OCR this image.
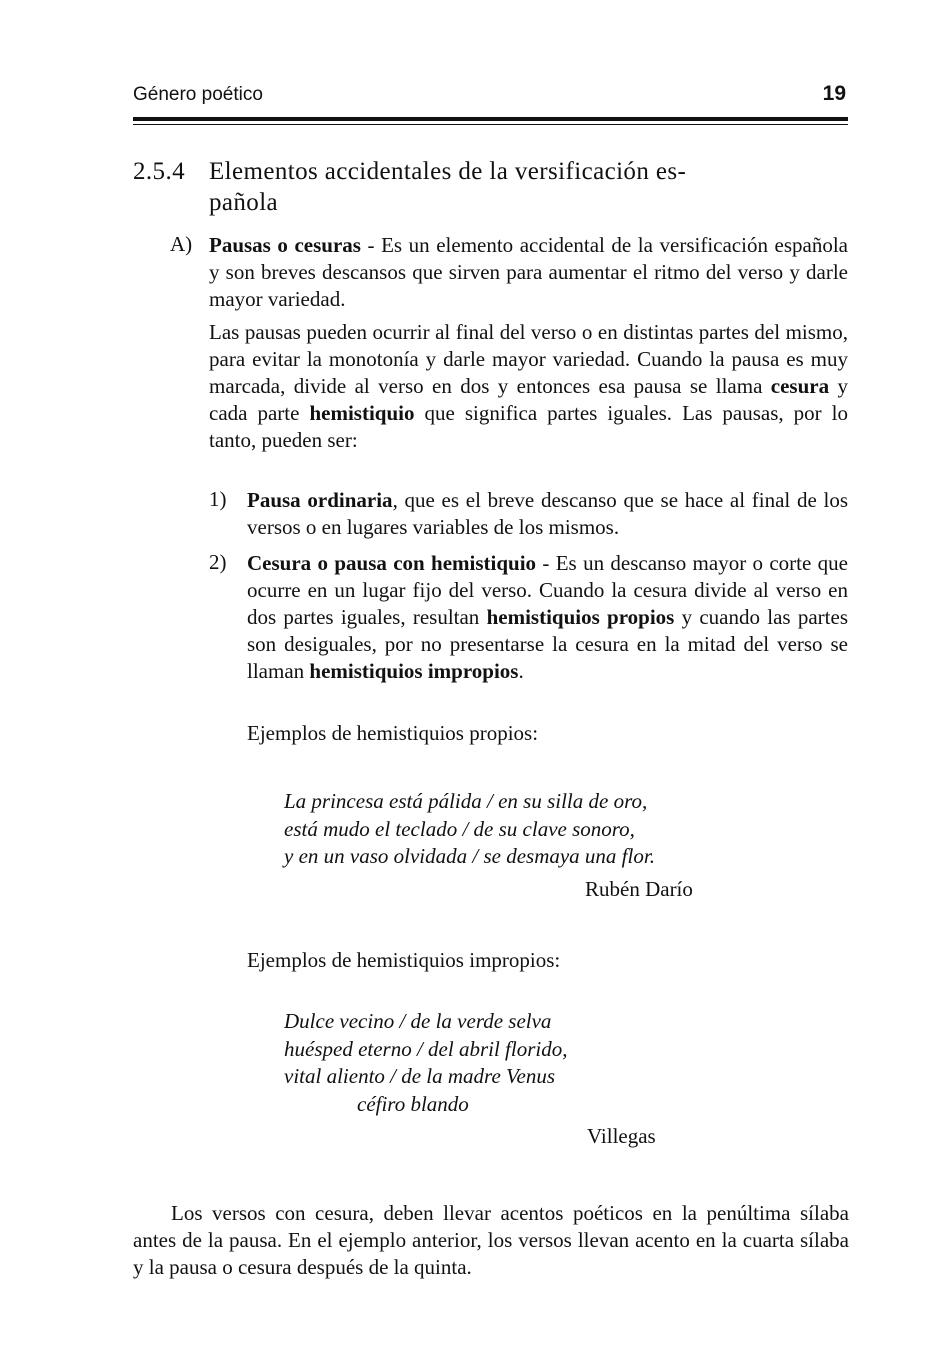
Género poético	19
2.5.4 Elementos accidentales de la versificación es-
pañola
A) Pausas o cesuras - Es un elemento accidental de la versificación española y son breves descansos que sirven para aumentar el ritmo del verso y darle mayor variedad.
Las pausas pueden ocurrir al final del verso o en distintas partes del mismo, para evitar la monotonía y darle mayor variedad. Cuando la pausa es muy marcada, divide al verso en dos y entonces esa pausa se llama cesura y cada parte hemistiquio que significa partes iguales. Las pausas, por lo tanto, pueden ser:
1) Pausa ordinaria, que es el breve descanso que se hace al final de los versos o en lugares variables de los mismos.
2) Cesura o pausa con hemistiquio - Es un descanso mayor o corte que ocurre en un lugar fijo del verso. Cuando la cesura divide al verso en dos partes iguales, resultan hemistiquios propios y cuando las partes son desiguales, por no presentarse la cesura en la mitad del verso se llaman hemistiquios impropios.
Ejemplos de hemistiquios propios:
La princesa está pálida / en su silla de oro,
está mudo el teclado / de su clave sonoro,
y en un vaso olvidada / se desmaya una flor.
Rubén Darío
Ejemplos de hemistiquios impropios:
Dulce vecino / de la verde selva
huésped eterno / del abril florido,
vital aliento / de la madre Venus
céfiro blando
Villegas
Los versos con cesura, deben llevar acentos poéticos en la penúltima sílaba antes de la pausa. En el ejemplo anterior, los versos llevan acento en la cuarta sílaba y la pausa o cesura después de la quinta.
